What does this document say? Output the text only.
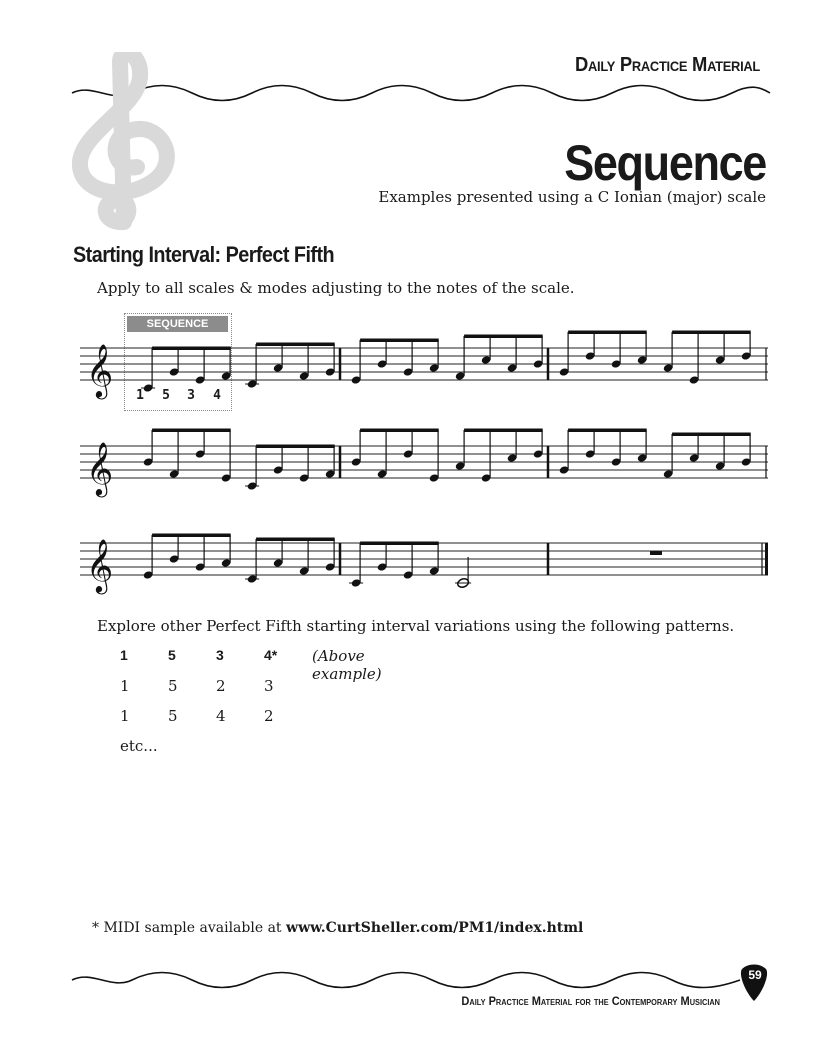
Daily Practice Material
Sequence
Examples presented using a C Ionian (major) scale
Starting Interval: Perfect Fifth
Apply to all scales & modes adjusting to the notes of the scale.
SEQUENCE
1 5 3 4
𝄞
𝄞
𝄞
Explore other Perfect Fifth starting interval variations using the following patterns.
1	5	3	4* (Above example)
1	5	2	3
1	5	4	2
etc...
* MIDI sample available at www.CurtSheller.com/PM1/index.html
59
Daily Practice Material for the Contemporary Musician
